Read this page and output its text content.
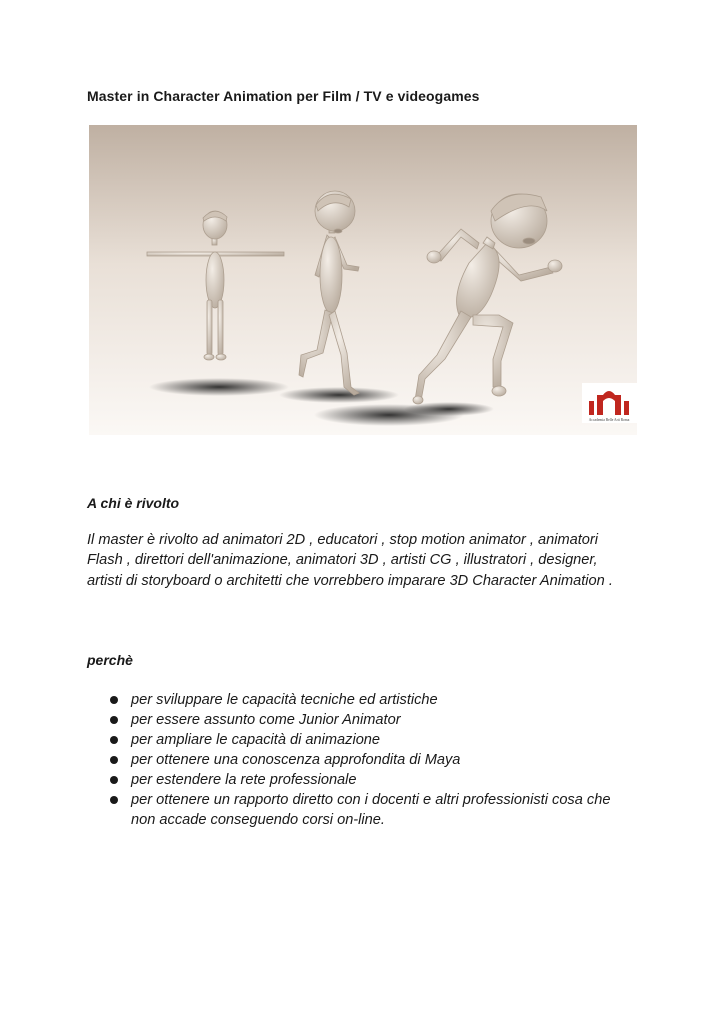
Master in Character Animation per Film / TV e videogames
Accademia Belle Arti Roma
A chi è rivolto

Il master è rivolto ad animatori 2D , educatori , stop motion animator , animatori Flash , direttori dell'animazione, animatori 3D , artisti CG , illustratori , designer, artisti di storyboard o architetti che vorrebbero imparare 3D Character Animation .

perchè
per sviluppare le capacità tecniche ed artistiche
per essere assunto come Junior Animator
per ampliare le capacità di animazione
per ottenere una conoscenza approfondita di Maya
per estendere la rete professionale
per ottenere un rapporto diretto con i docenti e altri professionisti cosa che non accade conseguendo corsi on-line.
